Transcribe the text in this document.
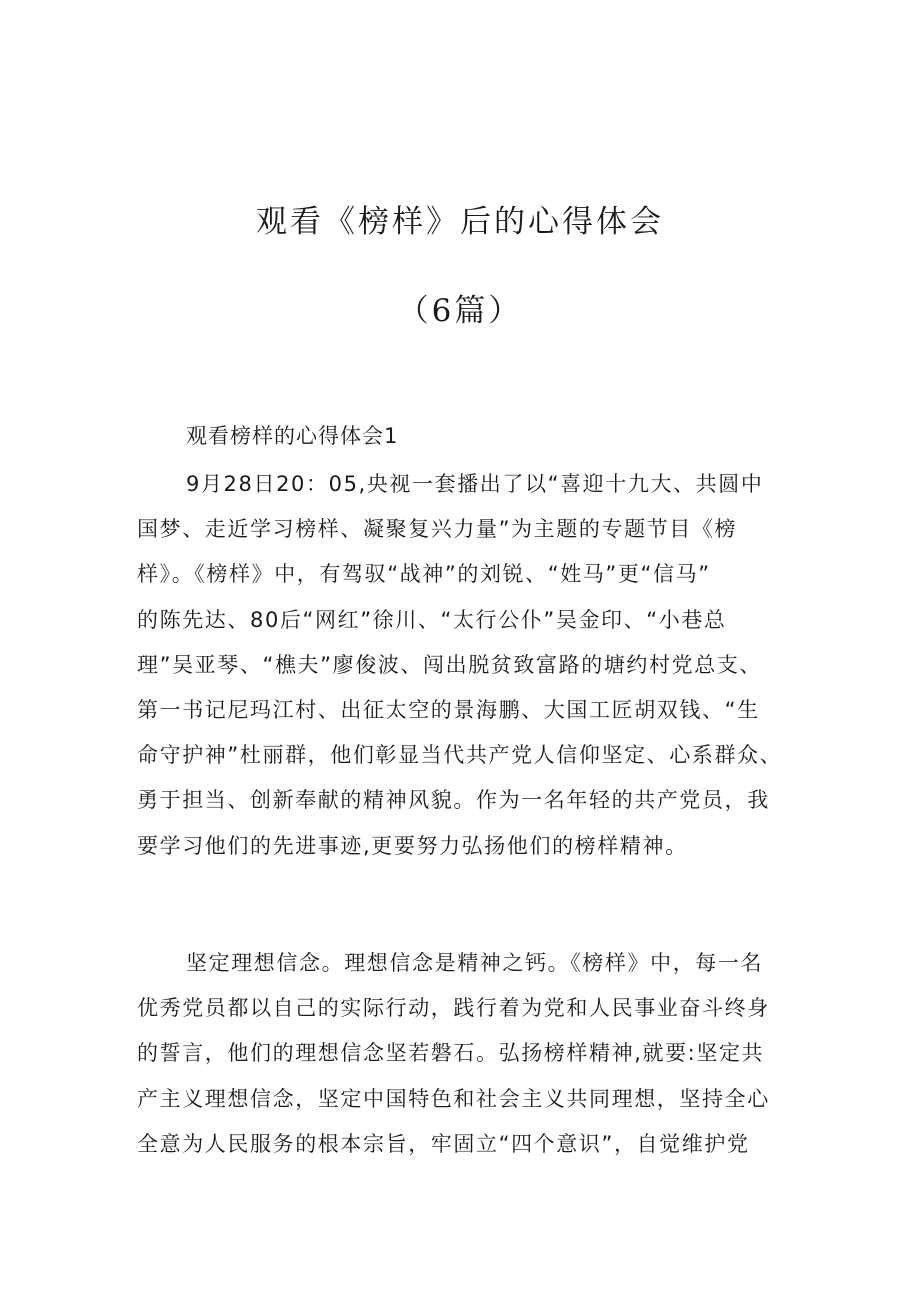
观看《榜样》后的心得体会
（6篇）

观看榜样的心得体会1

9月28日20：05,央视一套播出了以“喜迎十九大、共圆中
国梦、走近学习榜样、凝聚复兴力量”为主题的专题节目《榜
样》。《榜样》中，有驾驭“战神”的刘锐、“姓马”更“信马”
的陈先达、80后“网红”徐川、“太行公仆”吴金印、“小巷总
理”吴亚琴、“樵夫”廖俊波、闯出脱贫致富路的塘约村党总支、
第一书记尼玛江村、出征太空的景海鹏、大国工匠胡双钱、“生
命守护神”杜丽群，他们彰显当代共产党人信仰坚定、心系群众、
勇于担当、创新奉献的精神风貌。作为一名年轻的共产党员，我
要学习他们的先进事迹,更要努力弘扬他们的榜样精神。
坚定理想信念。理想信念是精神之钙。《榜样》中，每一名
优秀党员都以自己的实际行动，践行着为党和人民事业奋斗终身
的誓言，他们的理想信念坚若磐石。弘扬榜样精神,就要:坚定共
产主义理想信念，坚定中国特色和社会主义共同理想，坚持全心
全意为人民服务的根本宗旨，牢固立“四个意识”，自觉维护党
